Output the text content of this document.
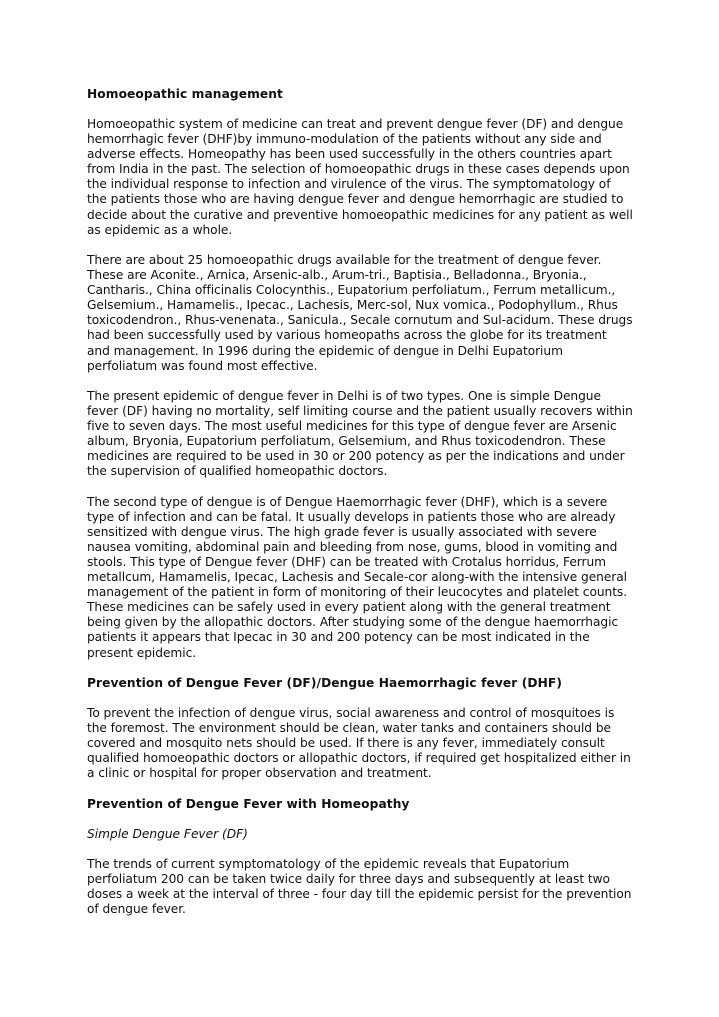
Homoeopathic management

Homoeopathic system of medicine can treat and prevent dengue fever (DF) and dengue hemorrhagic fever (DHF)by immuno-modulation of the patients without any side and adverse effects. Homeopathy has been used successfully in the others countries apart from India in the past. The selection of homoeopathic drugs in these cases depends upon the individual response to infection and virulence of the virus. The symptomatology of the patients those who are having dengue fever and dengue hemorrhagic are studied to decide about the curative and preventive homoeopathic medicines for any patient as well as epidemic as a whole.

There are about 25 homoeopathic drugs available for the treatment of dengue fever. These are Aconite., Arnica, Arsenic-alb., Arum-tri., Baptisia., Belladonna., Bryonia., Cantharis., China officinalis Colocynthis., Eupatorium perfoliatum., Ferrum metallicum., Gelsemium., Hamamelis., Ipecac., Lachesis, Merc-sol, Nux vomica., Podophyllum., Rhus toxicodendron., Rhus-venenata., Sanicula., Secale cornutum and Sul-acidum. These drugs had been successfully used by various homeopaths across the globe for its treatment and management. In 1996 during the epidemic of dengue in Delhi Eupatorium perfoliatum was found most effective.

The present epidemic of dengue fever in Delhi is of two types. One is simple Dengue fever (DF) having no mortality, self limiting course and the patient usually recovers within five to seven days. The most useful medicines for this type of dengue fever are Arsenic album, Bryonia, Eupatorium perfoliatum, Gelsemium, and Rhus toxicodendron. These medicines are required to be used in 30 or 200 potency as per the indications and under the supervision of qualified homeopathic doctors.

The second type of dengue is of Dengue Haemorrhagic fever (DHF), which is a severe type of infection and can be fatal. It usually develops in patients those who are already sensitized with dengue virus. The high grade fever is usually associated with severe nausea vomiting, abdominal pain and bleeding from nose, gums, blood in vomiting and stools. This type of Dengue fever (DHF) can be treated with Crotalus horridus, Ferrum metallcum, Hamamelis, Ipecac, Lachesis and Secale-cor along-with the intensive general management of the patient in form of monitoring of their leucocytes and platelet counts. These medicines can be safely used in every patient along with the general treatment being given by the allopathic doctors. After studying some of the dengue haemorrhagic patients it appears that Ipecac in 30 and 200 potency can be most indicated in the present epidemic.

Prevention of Dengue Fever (DF)/Dengue Haemorrhagic fever (DHF)

To prevent the infection of dengue virus, social awareness and control of mosquitoes is the foremost. The environment should be clean, water tanks and containers should be covered and mosquito nets should be used. If there is any fever, immediately consult qualified homoeopathic doctors or allopathic doctors, if required get hospitalized either in a clinic or hospital for proper observation and treatment.

Prevention of Dengue Fever with Homeopathy
Simple Dengue Fever (DF)

The trends of current symptomatology of the epidemic reveals that Eupatorium perfoliatum 200 can be taken twice daily for three days and subsequently at least two doses a week at the interval of three - four day till the epidemic persist for the prevention of dengue fever.
